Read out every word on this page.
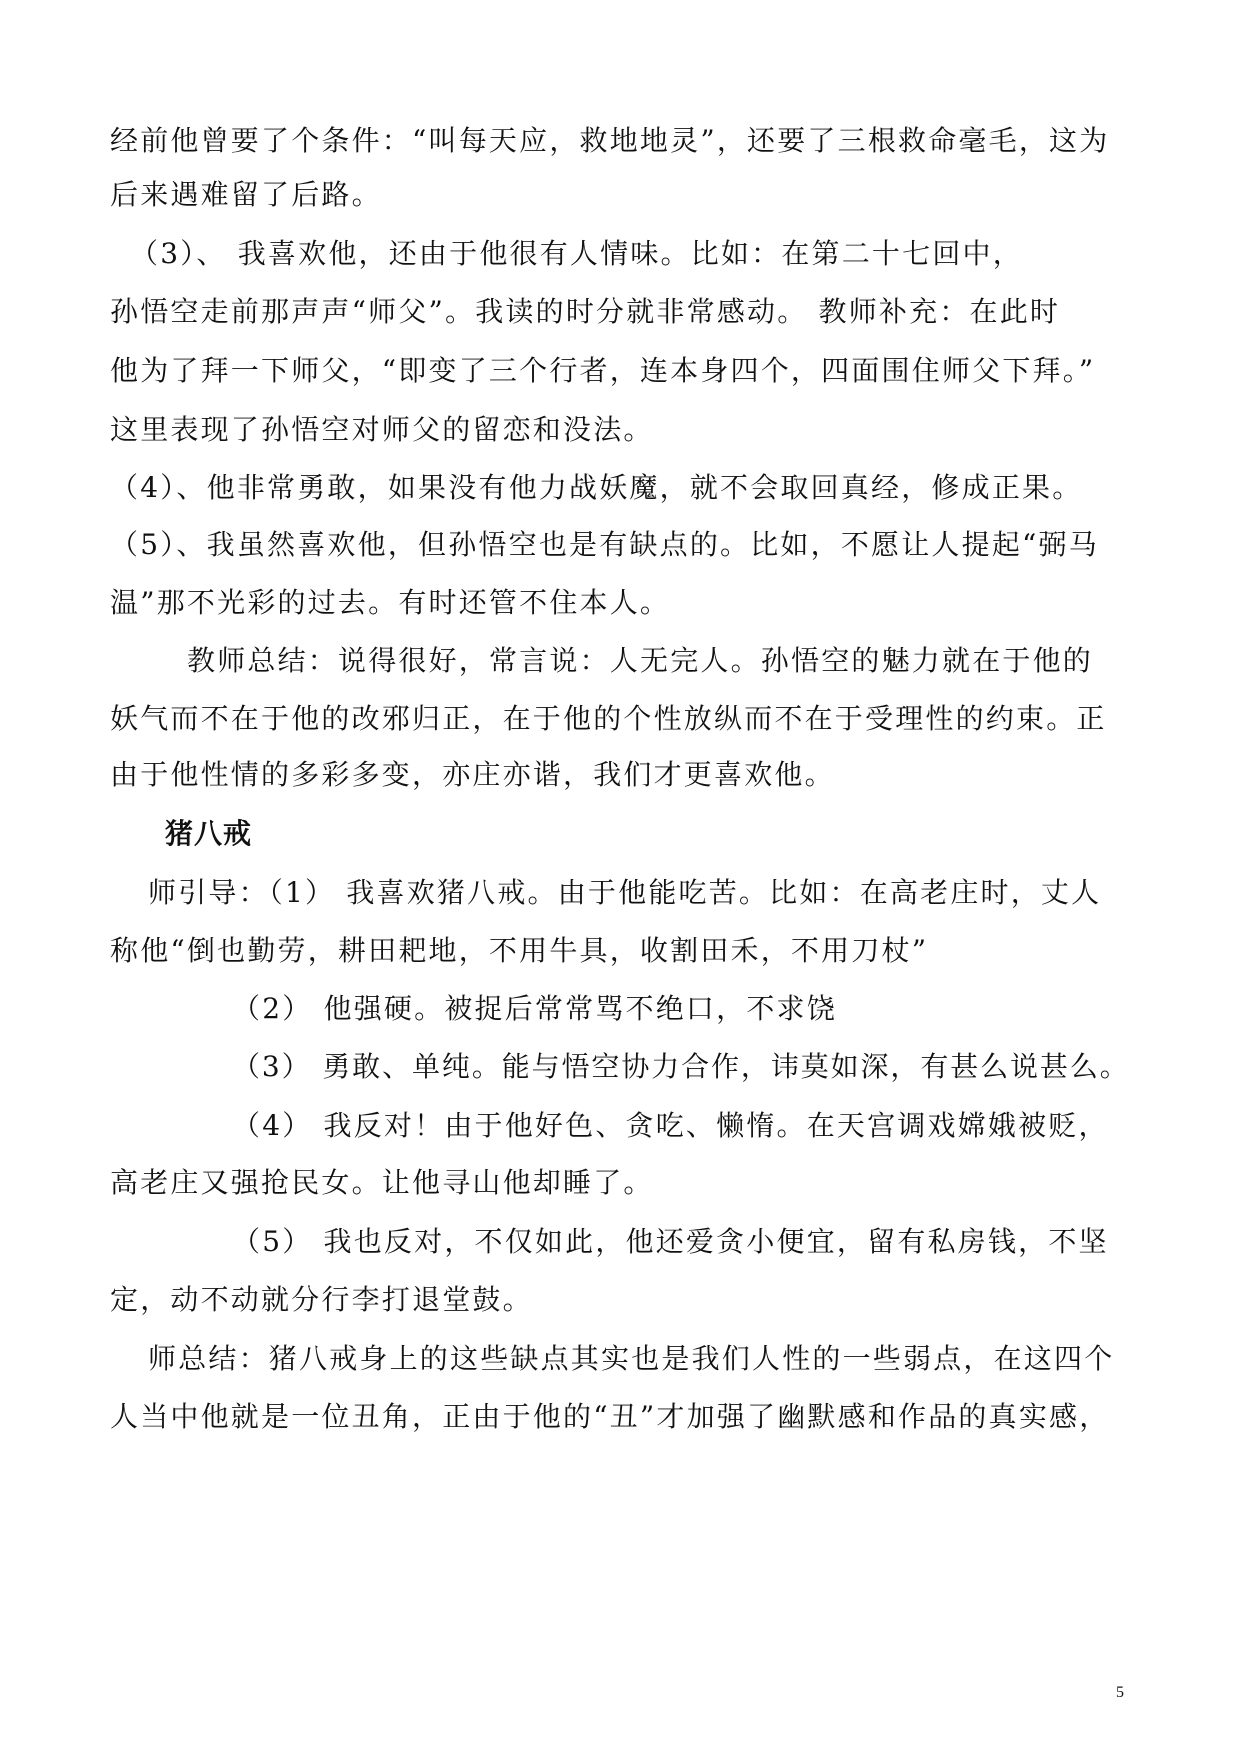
经前他曾要了个条件：“叫每天应，救地地灵”，还要了三根救命毫毛，这为
后来遇难留了后路。
（3）、 我喜欢他，还由于他很有人情味。比如：在第二十七回中，
孙悟空走前那声声“师父”。我读的时分就非常感动。 教师补充：在此时
他为了拜一下师父，“即变了三个行者，连本身四个，四面围住师父下拜。”
这里表现了孙悟空对师父的留恋和没法。
（4）、他非常勇敢，如果没有他力战妖魔，就不会取回真经，修成正果。
（5）、我虽然喜欢他，但孙悟空也是有缺点的。比如，不愿让人提起“弼马
温”那不光彩的过去。有时还管不住本人。
教师总结：说得很好，常言说：人无完人。孙悟空的魅力就在于他的
妖气而不在于他的改邪归正，在于他的个性放纵而不在于受理性的约束。正
由于他性情的多彩多变，亦庄亦谐，我们才更喜欢他。
猪八戒
师引导：（1） 我喜欢猪八戒。由于他能吃苦。比如：在高老庄时，丈人
称他“倒也勤劳，耕田耙地，不用牛具，收割田禾，不用刀杖”
（2） 他强硬。被捉后常常骂不绝口，不求饶
（3） 勇敢、单纯。能与悟空协力合作，讳莫如深，有甚么说甚么。
（4） 我反对！由于他好色、贪吃、懒惰。在天宫调戏嫦娥被贬，
高老庄又强抢民女。让他寻山他却睡了。
（5） 我也反对，不仅如此，他还爱贪小便宜，留有私房钱，不坚
定，动不动就分行李打退堂鼓。
师总结：猪八戒身上的这些缺点其实也是我们人性的一些弱点，在这四个
人当中他就是一位丑角，正由于他的“丑”才加强了幽默感和作品的真实感，
5
